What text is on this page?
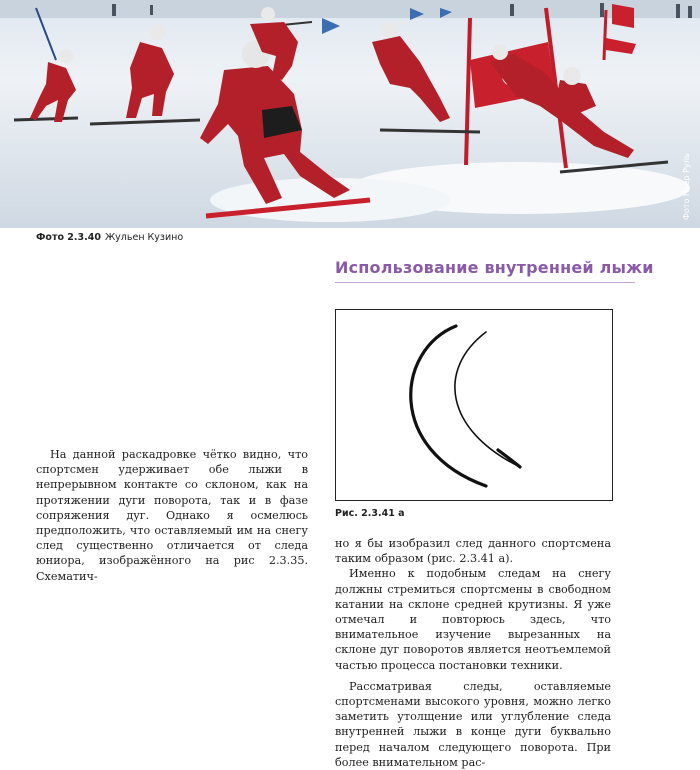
Фото Пьер Руль
Фото 2.3.40 Жульен Кузино
Использование внутренней лыжи
Рис. 2.3.41 а

На данной раскадровке чётко видно, что спортсмен удерживает обе лыжи в непрерывном контакте со склоном, как на протяжении дуги поворота, так и в фазе сопряжения дуг. Однако я осмелюсь предположить, что оставляемый им на снегу след существенно отличается от следа юниора, изображённого на рис 2.3.35. Схематич-

но я бы изобразил след данного спортсмена таким образом (рис. 2.3.41 а).

Именно к подобным следам на снегу должны стремиться спортсмены в свободном катании на склоне средней крутизны. Я уже отмечал и повторюсь здесь, что внимательное изучение вырезанных на склоне дуг поворотов является неотъемлемой частью процесса постановки техники.

Рассматривая следы, оставляемые спортсменами высокого уровня, можно легко заметить утолщение или углубление следа внутренней лыжи в конце дуги буквально перед началом следующего поворота. При более внимательном рас-
